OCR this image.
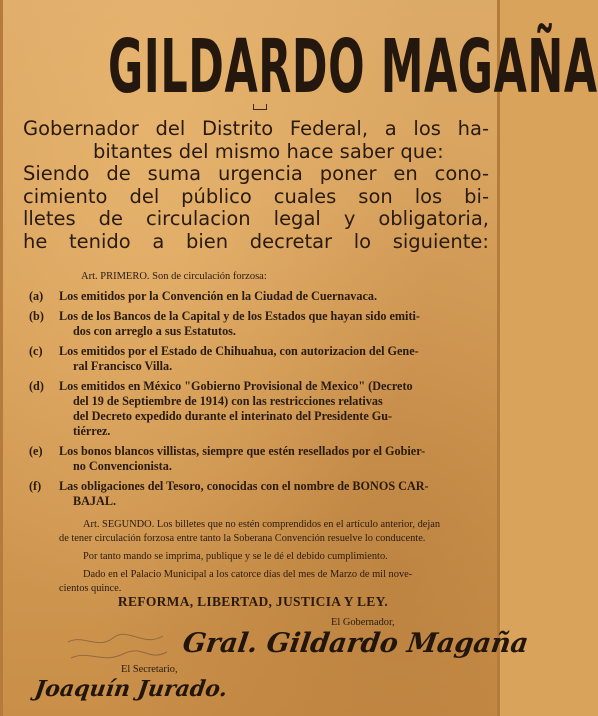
GILDARDO MAGAÑA
Gobernador del Distrito Federal, a los ha-
bitantes del mismo hace saber que:
Siendo de suma urgencia poner en cono-
cimiento del público cuales son los bi-
lletes de circulacion legal y obligatoria,
he tenido a bien decretar lo siguiente:
Art. PRIMERO. Son de circulación forzosa:
(a)	Los emitidos por la Convención en la Ciudad de Cuernavaca.
(b)	Los de los Bancos de la Capital y de los Estados que hayan sido emiti-
dos con arreglo a sus Estatutos.
(c)	Los emitidos por el Estado de Chihuahua, con autorizacion del Gene-
ral Francisco Villa.
(d)	Los emitidos en México "Gobierno Provisional de Mexico" (Decreto
del 19 de Septiembre de 1914) con las restricciones relativas
del Decreto expedido durante el interinato del Presidente Gu-
tiérrez.
(e)	Los bonos blancos villistas, siempre que estén resellados por el Gobier-
no Convencionista.
(f)	Las obligaciones del Tesoro, conocidas con el nombre de BONOS CAR-
BAJAL.
Art. SEGUNDO. Los billetes que no estén comprendidos en el artículo anterior, dejan
de tener circulación forzosa entre tanto la Soberana Convención resuelve lo conducente.
Por tanto mando se imprima, publique y se le dé el debido cumplimiento.
Dado en el Palacio Municipal a los catorce días del mes de Marzo de mil nove-
cientos quince.
REFORMA, LIBERTAD, JUSTICIA Y LEY.
El Gobernador,
Gral. Gildardo Magaña
El Secretario,
Joaquín Jurado.
